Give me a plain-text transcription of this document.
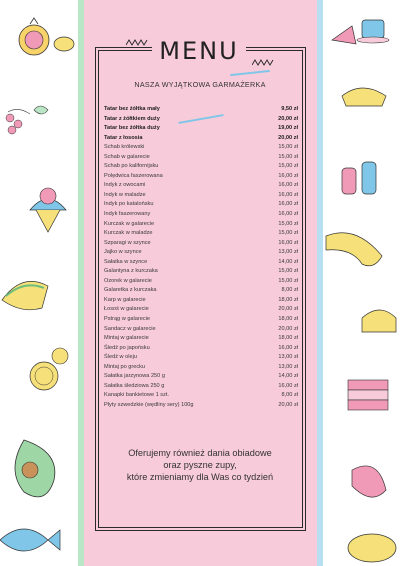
MENU
NASZA WYJĄTKOWA GARMAŻERKA
Tatar bez żółtka mały	9,50 zł
Tatar z żółtkiem duży	20,00 zł
Tatar bez żółtka duży	19,00 zł
Tatar z łososia	20,00 zł
Schab królewski	15,00 zł
Schab w galarecie	15,00 zł
Schab po kalifornijsku	15,00 zł
Polędwica faszerowana	16,00 zł
Indyk z owocami	16,00 zł
Indyk w maladze	16,00 zł
Indyk po katalońsku	16,00 zł
Indyk faszerowany	16,00 zł
Kurczak w galarecie	15,00 zł
Kurczak w maladze	15,00 zł
Szparagi w szynce	16,00 zł
Jajko w szynce	13,00 zł
Sałatka w szynce	14,00 zł
Galantyna z kurczaka	15,00 zł
Ozorek w galarecie	15,00 zł
Galaretka z kurczaka	8,00 zł
Karp w galarecie	18,00 zł
Łosoś w galarecie	20,00 zł
Pstrąg w galarecie	18,00 zł
Sandacz w galarecie	20,00 zł
Mintaj w galarecie	18,00 zł
Śledź po japońsku	16,00 zł
Śledź w oleju	13,00 zł
Mintaj po grecku	13,00 zł
Sałatka jarzynowa 250 g	14,00 zł
Sałatka śledziowa 250 g	16,00 zł
Kanapki bankietowe 1 szt.	8,00 zł
Płyty szwedzkie (wędliny sery) 100g	20,00 zł
Oferujemy również dania obiadowe
oraz pyszne zupy,
które zmieniamy dla Was co tydzień
